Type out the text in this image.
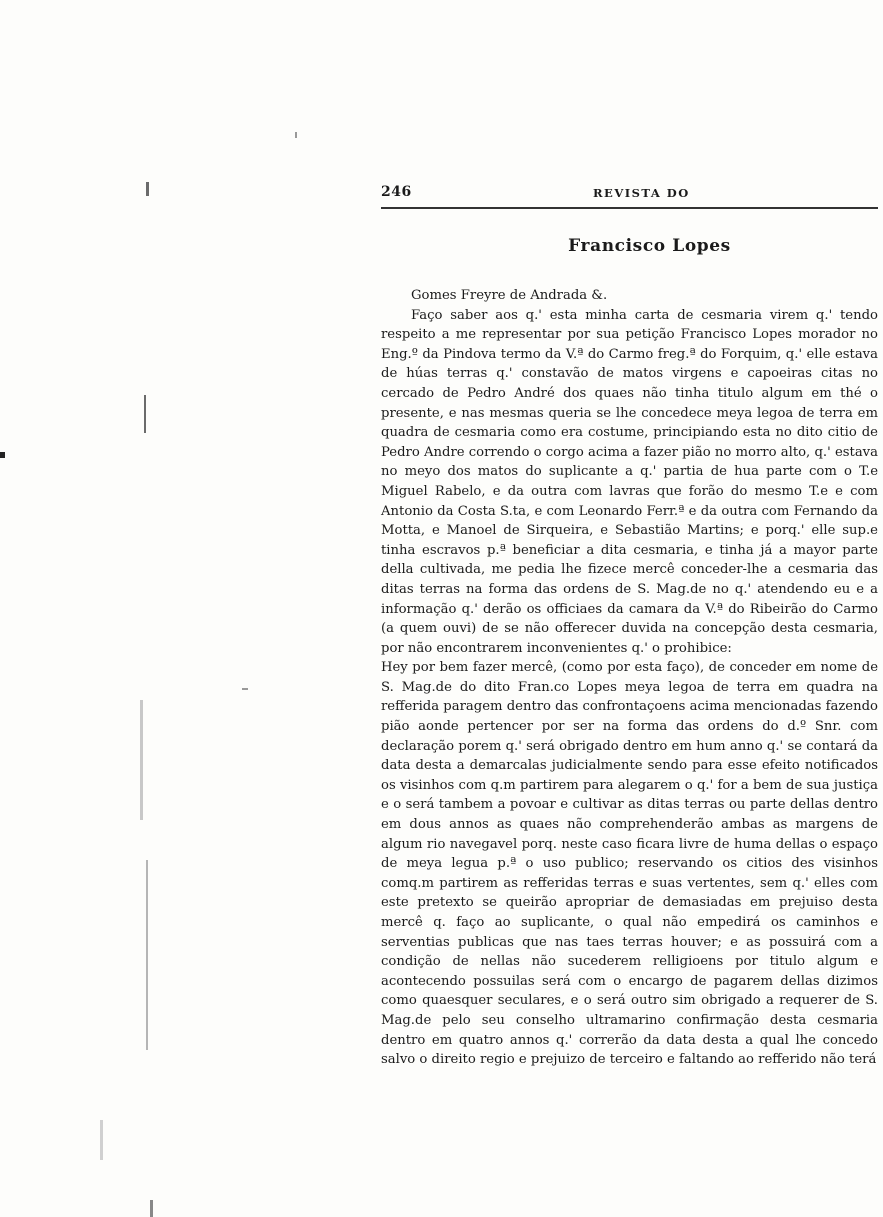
246	REVISTA DO
Francisco Lopes

Gomes Freyre de Andrada &.

Faço saber aos q.' esta minha carta de cesmaria virem q.' tendo respeito a me representar por sua petição Francisco Lopes morador no Eng.º da Pindova termo da V.ª do Carmo freg.ª do Forquim, q.' elle estava de húas terras q.' constavão de matos virgens e capoeiras citas no cercado de Pedro André dos quaes não tinha titulo algum em thé o presente, e nas mesmas queria se lhe concedece meya legoa de terra em quadra de cesmaria como era costume, principiando esta no dito citio de Pedro Andre correndo o corgo acima a fazer pião no morro alto, q.' estava no meyo dos matos do suplicante a q.' partia de hua parte com o T.e Miguel Rabelo, e da outra com lavras que forão do mesmo T.e e com Antonio da Costa S.ta, e com Leonardo Ferr.ª e da outra com Fernando da Motta, e Manoel de Sirqueira, e Sebastião Martins; e porq.' elle sup.e tinha escravos p.ª beneficiar a dita cesmaria, e tinha já a mayor parte della cultivada, me pedia lhe fizece mercê conceder-lhe a cesmaria das ditas terras na forma das ordens de S. Mag.de no q.' atendendo eu e a informação q.' derão os officiaes da camara da V.ª do Ribeirão do Carmo (a quem ouvi) de se não offerecer duvida na concepção desta cesmaria, por não encontrarem inconvenientes q.' o prohibice:

Hey por bem fazer mercê, (como por esta faço), de conceder em nome de S. Mag.de do dito Fran.co Lopes meya legoa de terra em quadra na refferida paragem dentro das confrontaçoens acima mencionadas fazendo pião aonde pertencer por ser na forma das ordens do d.º Snr. com declaração porem q.' será obrigado dentro em hum anno q.' se contará da data desta a demarcalas judicialmente sendo para esse efeito notificados os visinhos com q.m partirem para alegarem o q.' for a bem de sua justiça e o será tambem a povoar e cultivar as ditas terras ou parte dellas dentro em dous annos as quaes não comprehenderão ambas as margens de algum rio navegavel porq. neste caso ficara livre de huma dellas o espaço de meya legua p.ª o uso publico; reservando os citios des visinhos comq.m partirem as refferidas terras e suas vertentes, sem q.' elles com este pretexto se queirão apropriar de demasiadas em prejuiso desta mercê q. faço ao suplicante, o qual não empedirá os caminhos e serventias publicas que nas taes terras houver; e as possuirá com a condição de nellas não sucederem relligioens por titulo algum e acontecendo possuilas será com o encargo de pagarem dellas dizimos como quaesquer seculares, e o será outro sim obrigado a requerer de S. Mag.de pelo seu conselho ultramarino confirmação desta cesmaria dentro em quatro annos q.' correrão da data desta a qual lhe concedo salvo o direito regio e prejuizo de terceiro e faltando ao refferido não terá
